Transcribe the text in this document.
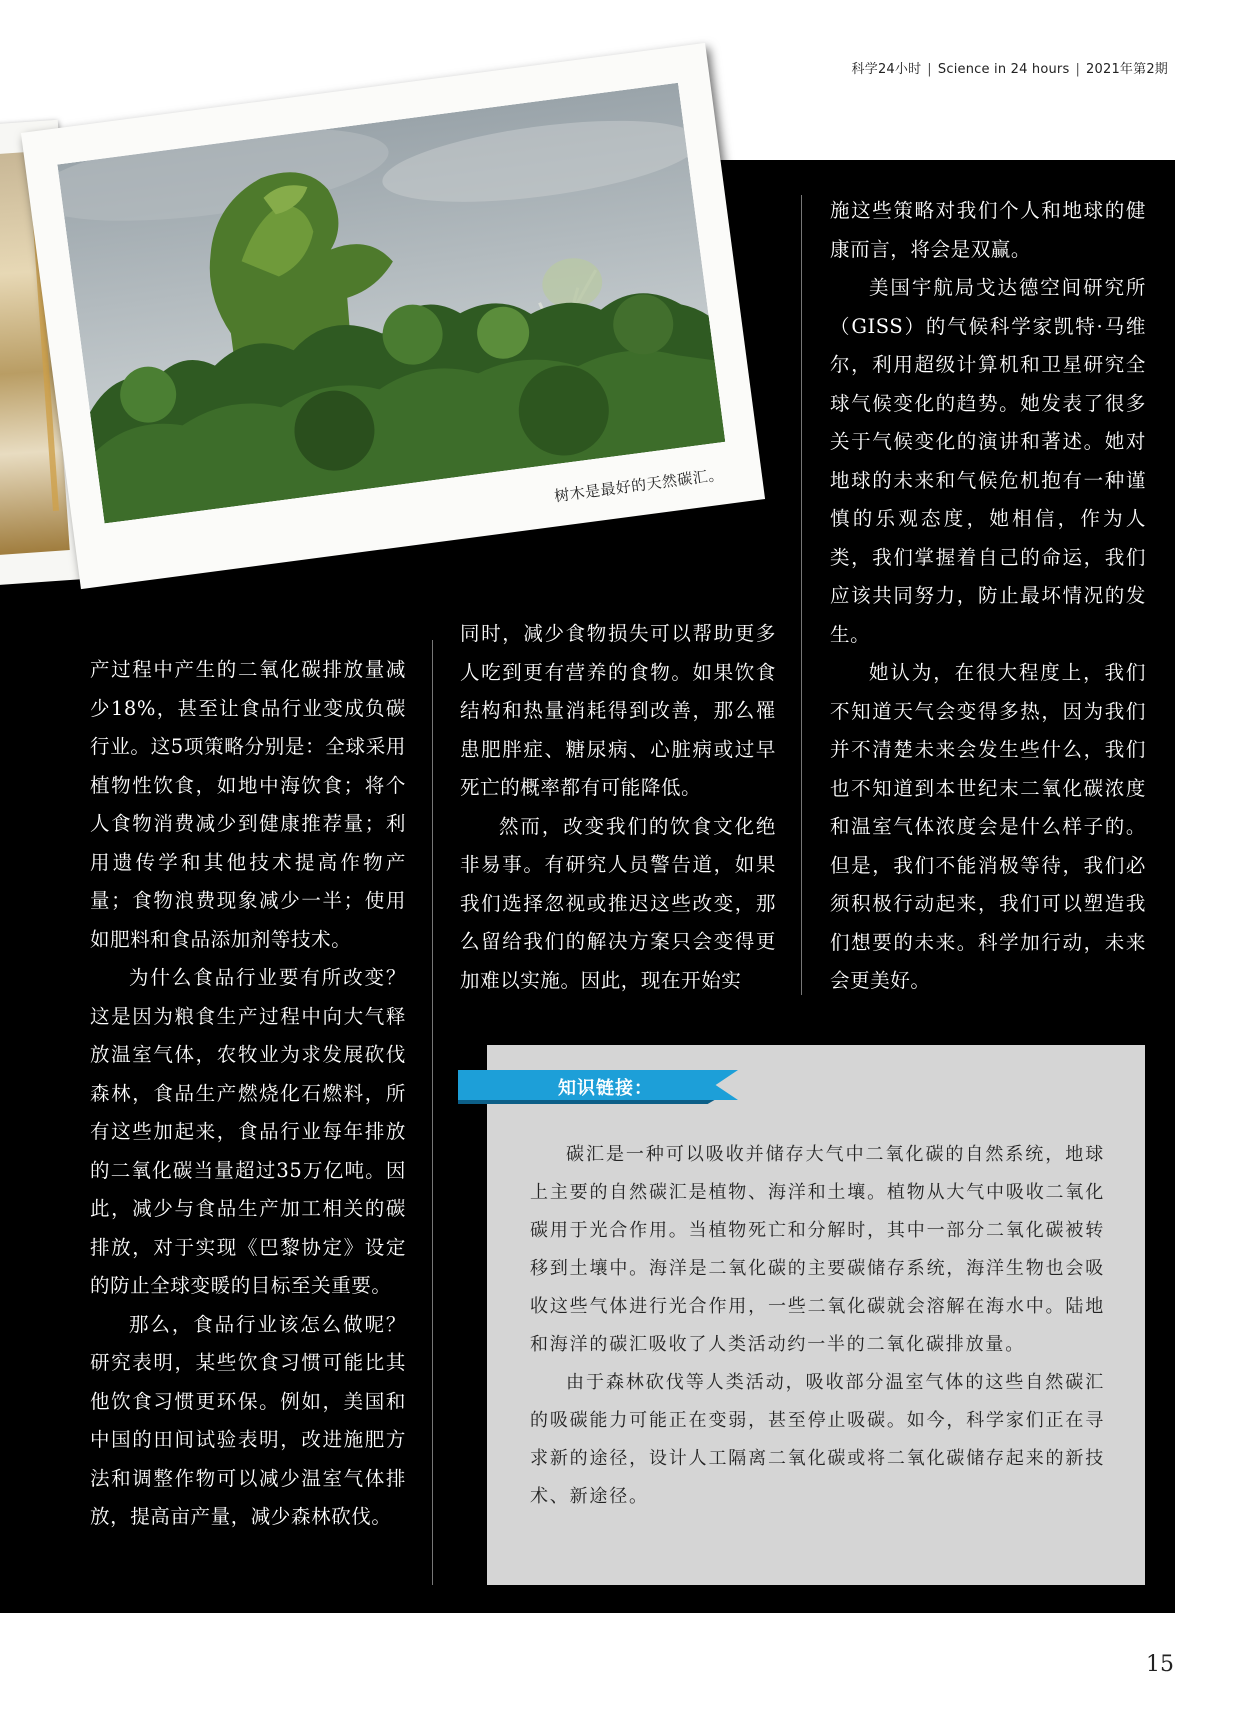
科学24小时 | Science in 24 hours | 2021年第2期
树木是最好的天然碳汇。

产过程中产生的二氧化碳排放量减少18%，甚至让食品行业变成负碳行业。这5项策略分别是：全球采用植物性饮食，如地中海饮食；将个人食物消费减少到健康推荐量；利用遗传学和其他技术提高作物产量；食物浪费现象减少一半；使用如肥料和食品添加剂等技术。

为什么食品行业要有所改变？这是因为粮食生产过程中向大气释放温室气体，农牧业为求发展砍伐森林，食品生产燃烧化石燃料，所有这些加起来，食品行业每年排放的二氧化碳当量超过35万亿吨。因此，减少与食品生产加工相关的碳排放，对于实现《巴黎协定》设定的防止全球变暖的目标至关重要。

那么，食品行业该怎么做呢？研究表明，某些饮食习惯可能比其他饮食习惯更环保。例如，美国和中国的田间试验表明，改进施肥方法和调整作物可以减少温室气体排放，提高亩产量，减少森林砍伐。

同时，减少食物损失可以帮助更多人吃到更有营养的食物。如果饮食结构和热量消耗得到改善，那么罹患肥胖症、糖尿病、心脏病或过早死亡的概率都有可能降低。

然而，改变我们的饮食文化绝非易事。有研究人员警告道，如果我们选择忽视或推迟这些改变，那么留给我们的解决方案只会变得更加难以实施。因此，现在开始实

施这些策略对我们个人和地球的健康而言，将会是双赢。

美国宇航局戈达德空间研究所（GISS）的气候科学家凯特·马维尔，利用超级计算机和卫星研究全球气候变化的趋势。她发表了很多关于气候变化的演讲和著述。她对地球的未来和气候危机抱有一种谨慎的乐观态度，她相信，作为人类，我们掌握着自己的命运，我们应该共同努力，防止最坏情况的发生。

她认为，在很大程度上，我们不知道天气会变得多热，因为我们并不清楚未来会发生些什么，我们也不知道到本世纪末二氧化碳浓度和温室气体浓度会是什么样子的。但是，我们不能消极等待，我们必须积极行动起来，我们可以塑造我们想要的未来。科学加行动，未来会更美好。

知识链接：

碳汇是一种可以吸收并储存大气中二氧化碳的自然系统，地球上主要的自然碳汇是植物、海洋和土壤。植物从大气中吸收二氧化碳用于光合作用。当植物死亡和分解时，其中一部分二氧化碳被转移到土壤中。海洋是二氧化碳的主要碳储存系统，海洋生物也会吸收这些气体进行光合作用，一些二氧化碳就会溶解在海水中。陆地和海洋的碳汇吸收了人类活动约一半的二氧化碳排放量。

由于森林砍伐等人类活动，吸收部分温室气体的这些自然碳汇的吸碳能力可能正在变弱，甚至停止吸碳。如今，科学家们正在寻求新的途径，设计人工隔离二氧化碳或将二氧化碳储存起来的新技术、新途径。

15
